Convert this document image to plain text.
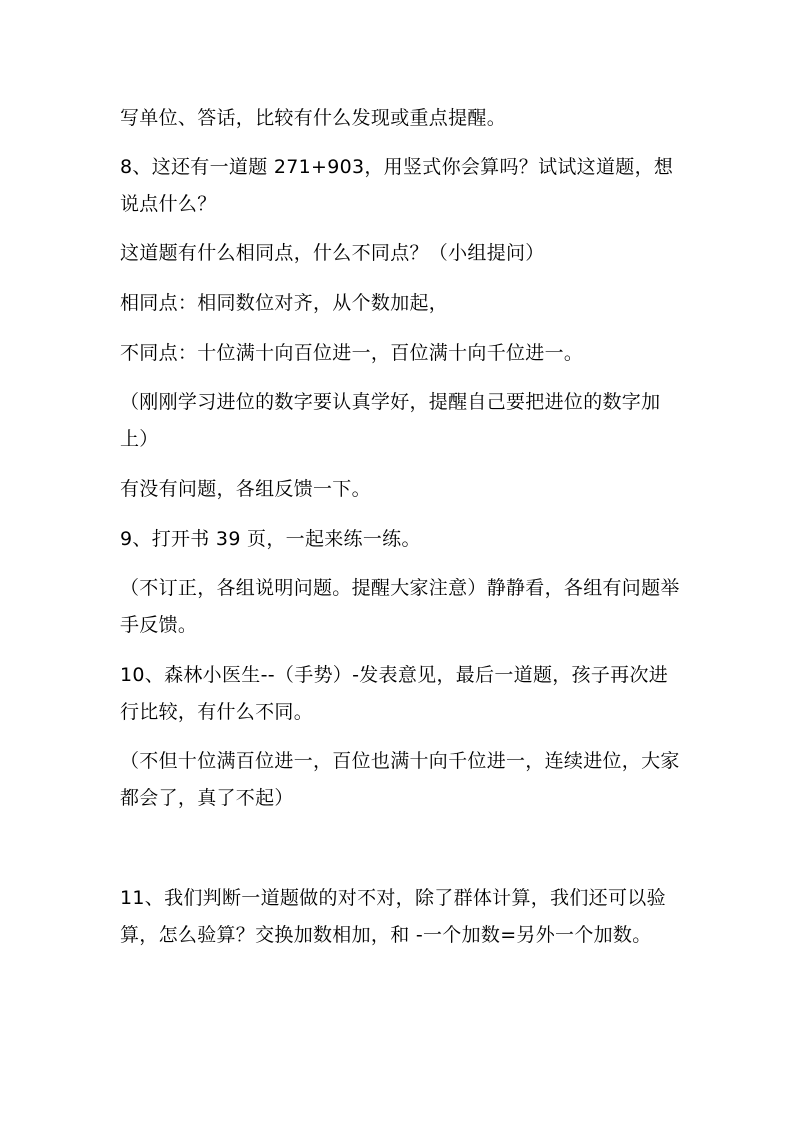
写单位、答话，比较有什么发现或重点提醒。

8、这还有一道题 271+903，用竖式你会算吗？试试这道题，想说点什么？

这道题有什么相同点，什么不同点？（小组提问）

相同点：相同数位对齐，从个数加起，

不同点：十位满十向百位进一，百位满十向千位进一。

（刚刚学习进位的数字要认真学好，提醒自己要把进位的数字加上）

有没有问题，各组反馈一下。

9、打开书 39 页，一起来练一练。

（不订正，各组说明问题。提醒大家注意）静静看，各组有问题举手反馈。

10、森林小医生--（手势）-发表意见，最后一道题，孩子再次进行比较，有什么不同。

（不但十位满百位进一，百位也满十向千位进一，连续进位，大家都会了，真了不起）

11、我们判断一道题做的对不对，除了群体计算，我们还可以验算，怎么验算？交换加数相加，和 -一个加数=另外一个加数。
